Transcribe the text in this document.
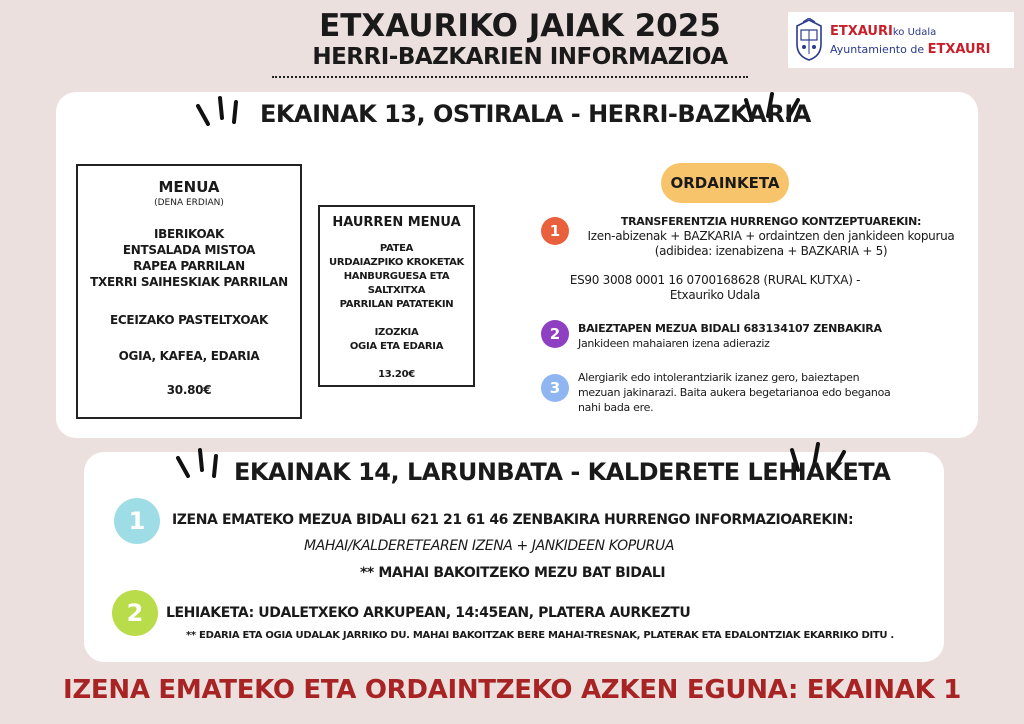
ETXAURIKO JAIAK 2025
HERRI-BAZKARIEN INFORMAZIOA
ETXAURIko Udala
Ayuntamiento de ETXAURI
EKAINAK 13, OSTIRALA - HERRI-BAZKARIA
MENUA
(DENA ERDIAN)
IBERIKOAK
ENTSALADA MISTOA
RAPEA PARRILAN
TXERRI SAIHESKIAK PARRILAN
ECEIZAKO PASTELTXOAK
OGIA, KAFEA, EDARIA
30.80€
HAURREN MENUA
PATEA
URDAIAZPIKO KROKETAK
HANBURGUESA ETA SALTXITXA
PARRILAN PATATEKIN
IZOZKIA
OGIA ETA EDARIA
13.20€
ORDAINKETA
1
TRANSFERENTZIA HURRENGO KONTZEPTUAREKIN:
Izen-abizenak + BAZKARIA + ordaintzen den jankideen kopurua
(adibidea: izenabizena + BAZKARIA + 5)
ES90 3008 0001 16 0700168628 (RURAL KUTXA) -
Etxauriko Udala
2	BAIEZTAPEN MEZUA BIDALI 683134107 ZENBAKIRA
Jankideen mahaiaren izena adieraziz
3
Alergiarik edo intolerantziarik izanez gero, baieztapen
mezuan jakinarazi. Baita aukera begetarianoa edo beganoa
nahi bada ere.
EKAINAK 14, LARUNBATA - KALDERETE LEHIAKETA
1	IZENA EMATEKO MEZUA BIDALI 621 21 61 46 ZENBAKIRA HURRENGO INFORMAZIOAREKIN:
MAHAI/KALDERETEAREN IZENA + JANKIDEEN KOPURUA
** MAHAI BAKOITZEKO MEZU BAT BIDALI
2	LEHIAKETA: UDALETXEKO ARKUPEAN, 14:45EAN, PLATERA AURKEZTU
** EDARIA ETA OGIA UDALAK JARRIKO DU. MAHAI BAKOITZAK BERE MAHAI-TRESNAK, PLATERAK ETA EDALONTZIAK EKARRIKO DITU .
IZENA EMATEKO ETA ORDAINTZEKO AZKEN EGUNA: EKAINAK 1
